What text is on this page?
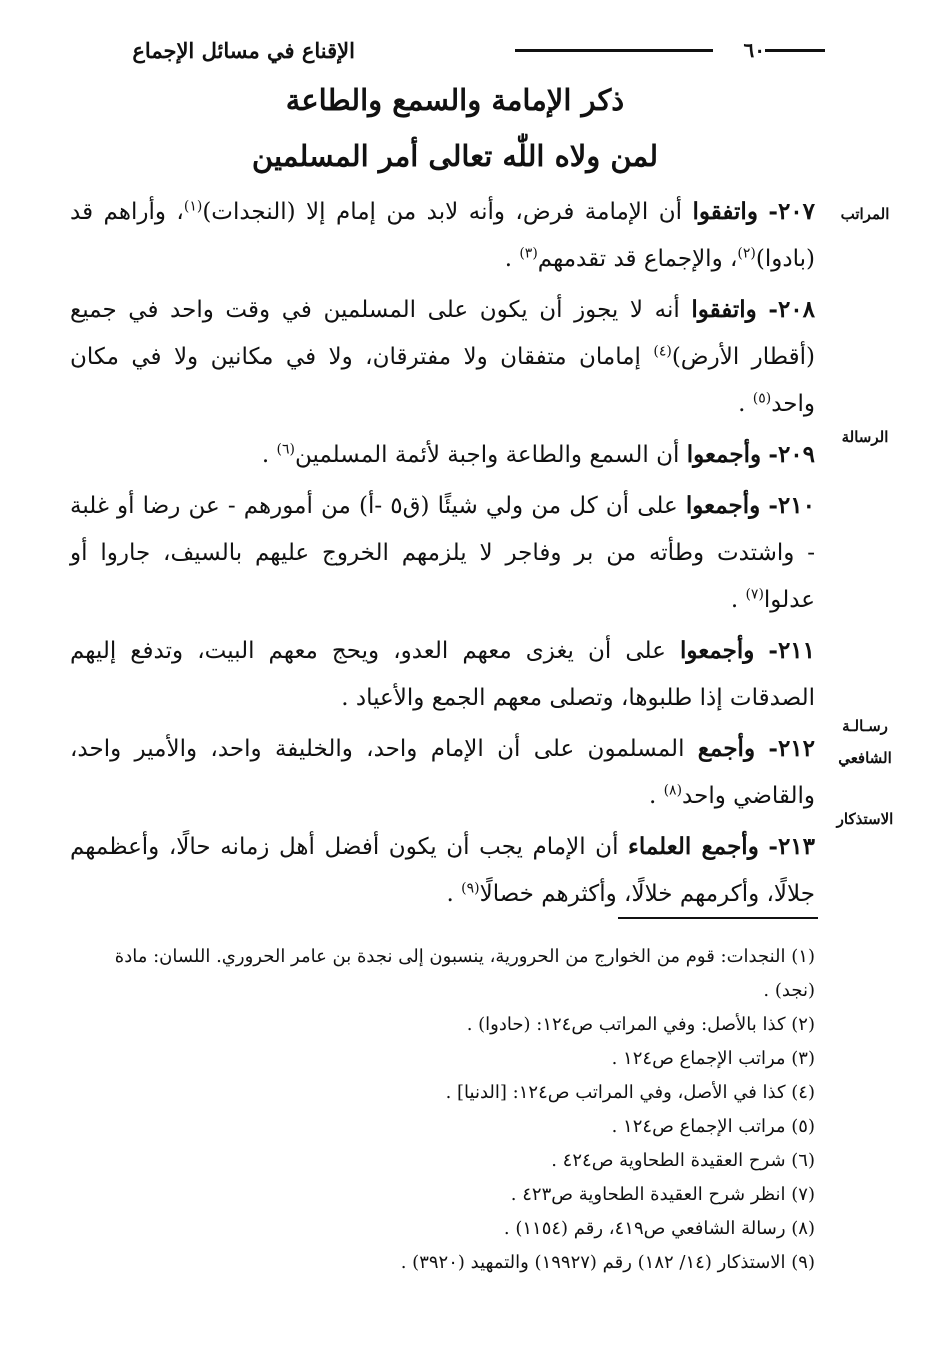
الإقناع في مسائل الإجماع	٦٠
ذكر الإمامة والسمع والطاعة
لمن ولاه اللّٰه تعالى أمر المسلمين
المراتب
الرسالة
رسـالـة
الشافعي
الاستذكار

٢٠٧- واتفقوا أن الإمامة فرض، وأنه لابد من إمام إلا (النجدات)$^{(١)}$، وأراهم قد (بادوا)$^{(٢)}$، والإجماع قد تقدمهم$^{(٣)}$ .

٢٠٨- واتفقوا أنه لا يجوز أن يكون على المسلمين في وقت واحد في جميع (أقطار الأرض)$^{(٤)}$ إمامان متفقان ولا مفترقان، ولا في مكانين ولا في مكان واحد$^{(٥)}$ .

٢٠٩- وأجمعوا أن السمع والطاعة واجبة لأئمة المسلمين$^{(٦)}$ .

٢١٠- وأجمعوا على أن كل من ولي شيئًا (ق٥ -أ) من أمورهم - عن رضا أو غلبة - واشتدت وطأته من بر وفاجر لا يلزمهم الخروج عليهم بالسيف، جاروا أو عدلوا$^{(٧)}$ .

٢١١- وأجمعوا على أن يغزى معهم العدو، ويحج معهم البيت، وتدفع إليهم الصدقات إذا طلبوها، وتصلى معهم الجمع والأعياد .

٢١٢- وأجمع المسلمون على أن الإمام واحد، والخليفة واحد، والأمير واحد، والقاضي واحد$^{(٨)}$ .

٢١٣- وأجمع العلماء أن الإمام يجب أن يكون أفضل أهل زمانه حالًا، وأعظمهم جلالًا، وأكرمهم خلالًا، وأكثرهم خصالًا$^{(٩)}$ .

(١) النجدات: قوم من الخوارج من الحرورية، ينسبون إلى نجدة بن عامر الحروري. اللسان: مادة (نجد) .

(٢) كذا بالأصل: وفي المراتب ص١٢٤: (حادوا) .

(٣) مراتب الإجماع ص١٢٤ .

(٤) كذا في الأصل، وفي المراتب ص١٢٤: [الدنيا] .

(٥) مراتب الإجماع ص١٢٤ .

(٦) شرح العقيدة الطحاوية ص٤٢٤ .

(٧) انظر شرح العقيدة الطحاوية ص٤٢٣ .

(٨) رسالة الشافعي ص٤١٩، رقم (١١٥٤) .

(٩) الاستذكار (١٤/ ١٨٢) رقم (١٩٩٢٧) والتمهيد (٣٩٢٠) .
